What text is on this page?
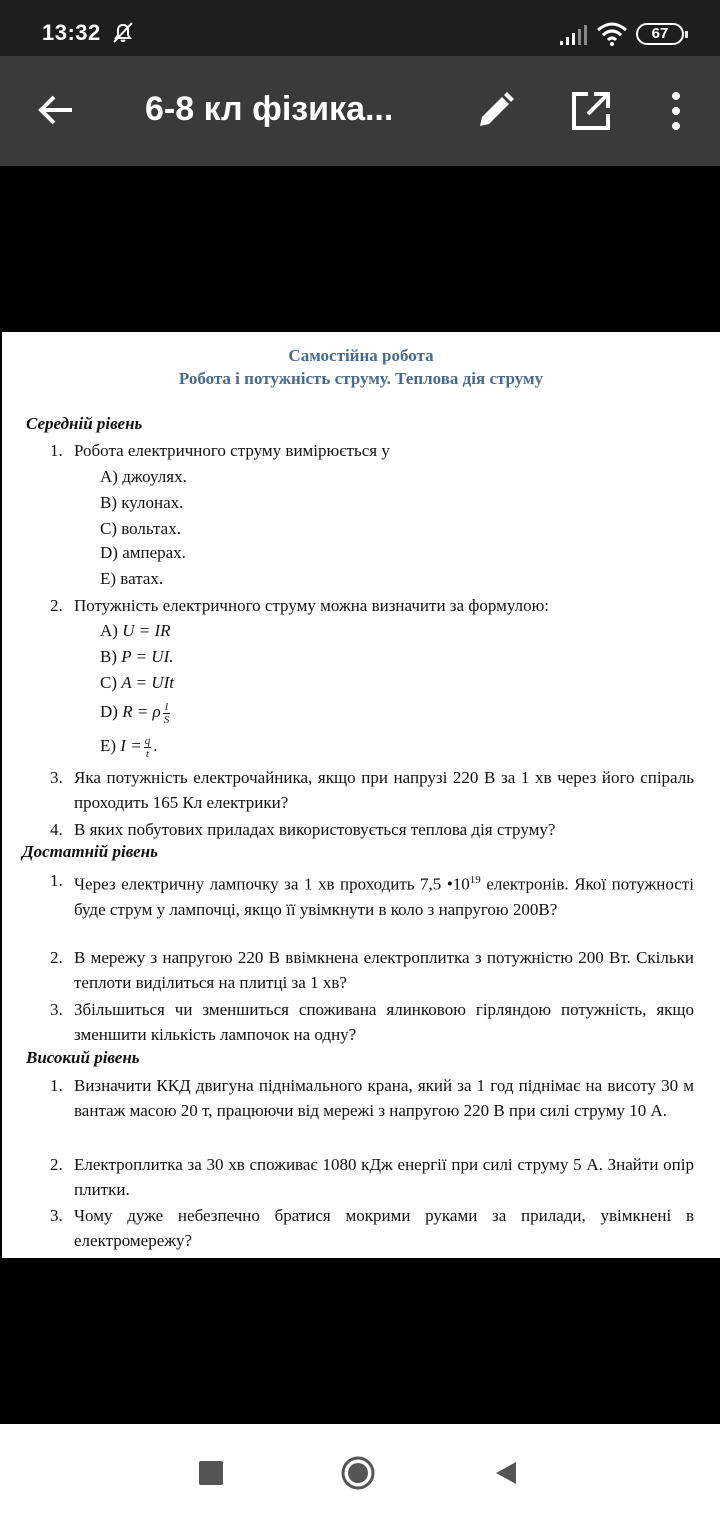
13:32	67
6-8 кл фізика...
Самостійна робота
Робота і потужність струму. Теплова дія струму
Середній рівень
1. Робота електричного струму вимірюється у
А) джоулях.
В) кулонах.
С) вольтах.
D) амперах.
Е) ватах.
2. Потужність електричного струму можна визначити за формулою:
А) U = IR
В) P = UI.
С) A = UIt
D) R = ρ $\frac{l}{S}$
E) $I = \frac{q}{t}$ .
3. Яка потужність електрочайника, якщо при напрузі 220 В за 1 хв через його спіраль проходить 165 Кл електрики?
4. В яких побутових приладах використовується теплова дія струму?
Достатній рівень
1. Через електричну лампочку за 1 хв проходить 7,5 $•10^{19}$ електронів. Якої потужності буде струм у лампочці, якщо її увімкнути в коло з напругою 200В?
2. В мережу з напругою 220 В ввімкнена електроплитка з потужністю 200 Вт. Скільки теплоти виділиться на плитці за 1 хв?
3. Збільшиться чи зменшиться споживана ялинковою гірляндою потужність, якщо зменшити кількість лампочок на одну?
Високий рівень
1. Визначити ККД двигуна піднімального крана, який за 1 год піднімає на висоту 30 м вантаж масою 20 т, працюючи від мережі з напругою 220 В при силі струму 10 А.
2. Електроплитка за 30 хв споживає 1080 кДж енергії при силі струму 5 А. Знайти опір плитки.
3. Чому дуже небезпечно братися мокрими руками за прилади, увімкнені в електромережу?
